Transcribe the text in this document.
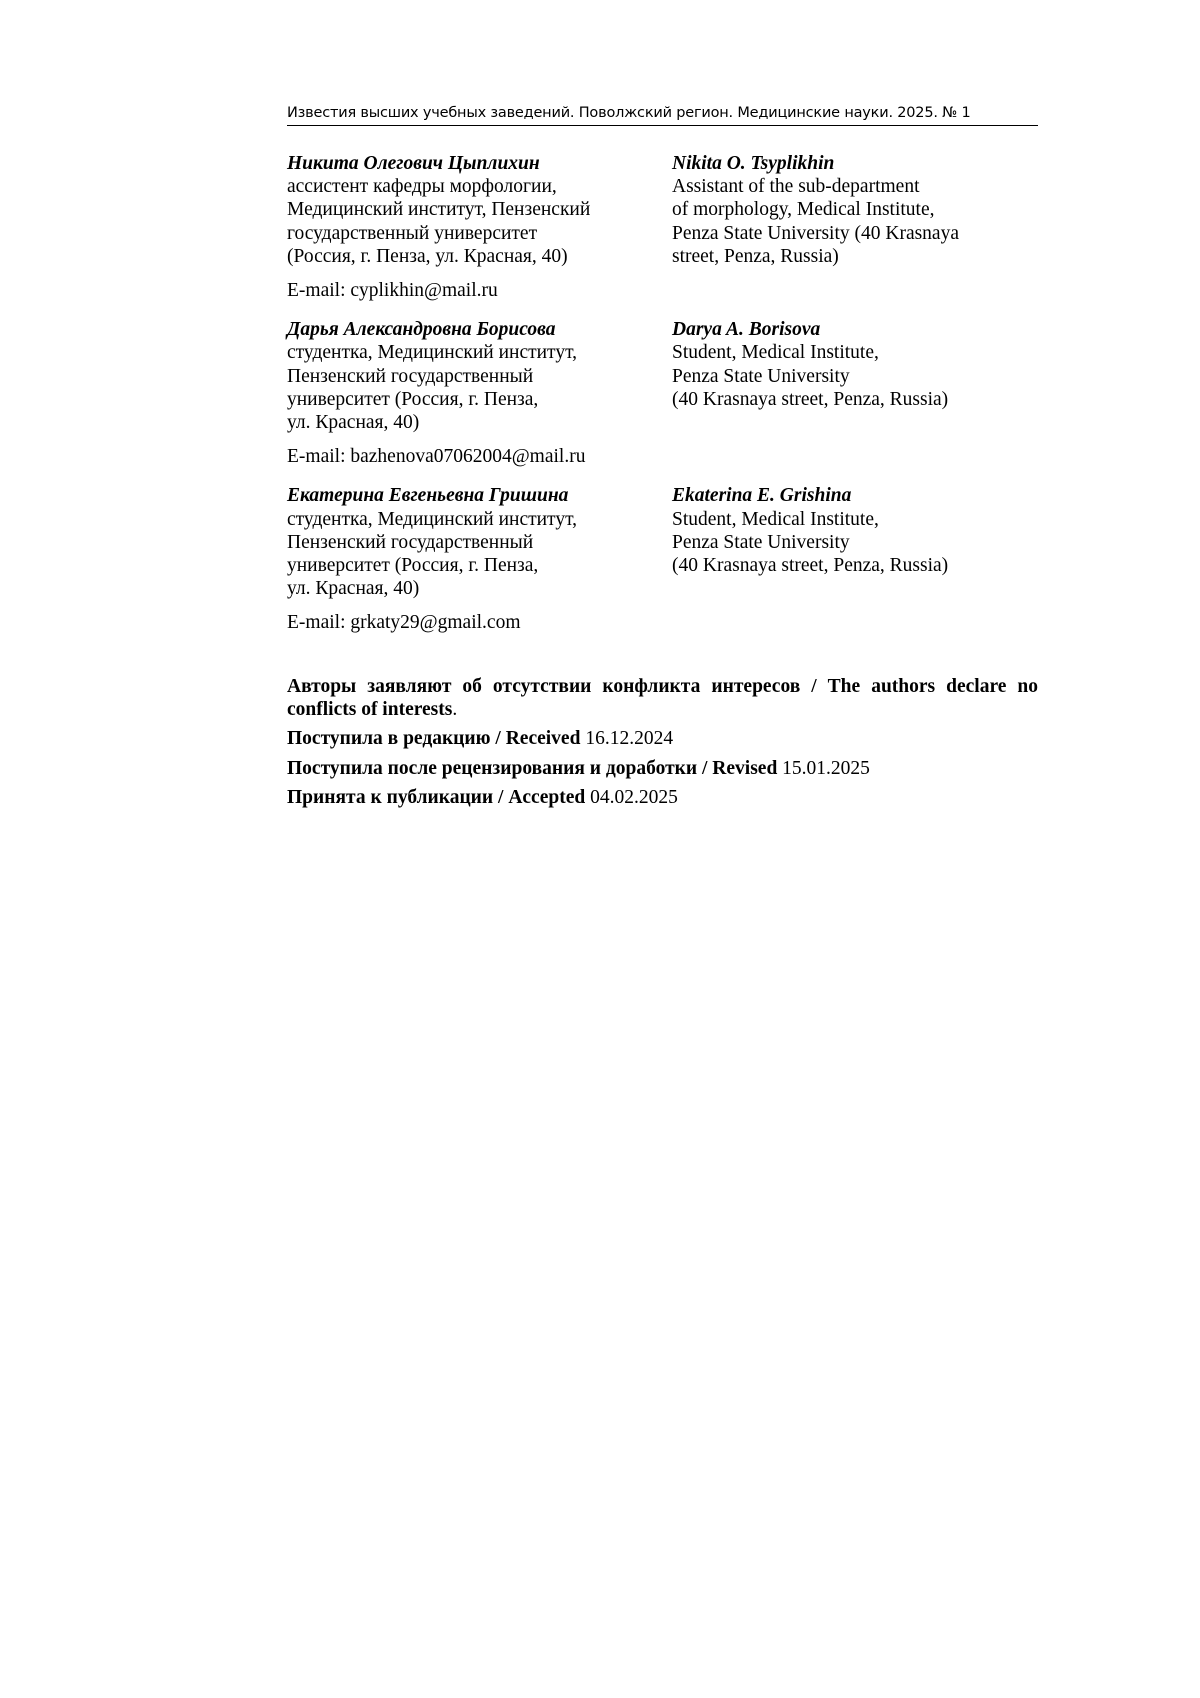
Известия высших учебных заведений. Поволжский регион. Медицинские науки. 2025. № 1
Никита Олегович Цыплихин
ассистент кафедры морфологии,
Медицинский институт, Пензенский
государственный университет
(Россия, г. Пенза, ул. Красная, 40)
Nikita O. Tsyplikhin
Assistant of the sub-department
of morphology, Medical Institute,
Penza State University (40 Krasnaya
street, Penza, Russia)
E-mail: cyplikhin@mail.ru
Дарья Александровна Борисова
студентка, Медицинский институт,
Пензенский государственный
университет (Россия, г. Пенза,
ул. Красная, 40)
Darya A. Borisova
Student, Medical Institute,
Penza State University
(40 Krasnaya street, Penza, Russia)
E-mail: bazhenova07062004@mail.ru
Екатерина Евгеньевна Гришина
студентка, Медицинский институт,
Пензенский государственный
университет (Россия, г. Пенза,
ул. Красная, 40)
Ekaterina E. Grishina
Student, Medical Institute,
Penza State University
(40 Krasnaya street, Penza, Russia)
E-mail: grkaty29@gmail.com
Авторы заявляют об отсутствии конфликта интересов / The authors declare no conflicts of interests.
Поступила в редакцию / Received 16.12.2024
Поступила после рецензирования и доработки / Revised 15.01.2025
Принята к публикации / Accepted 04.02.2025
